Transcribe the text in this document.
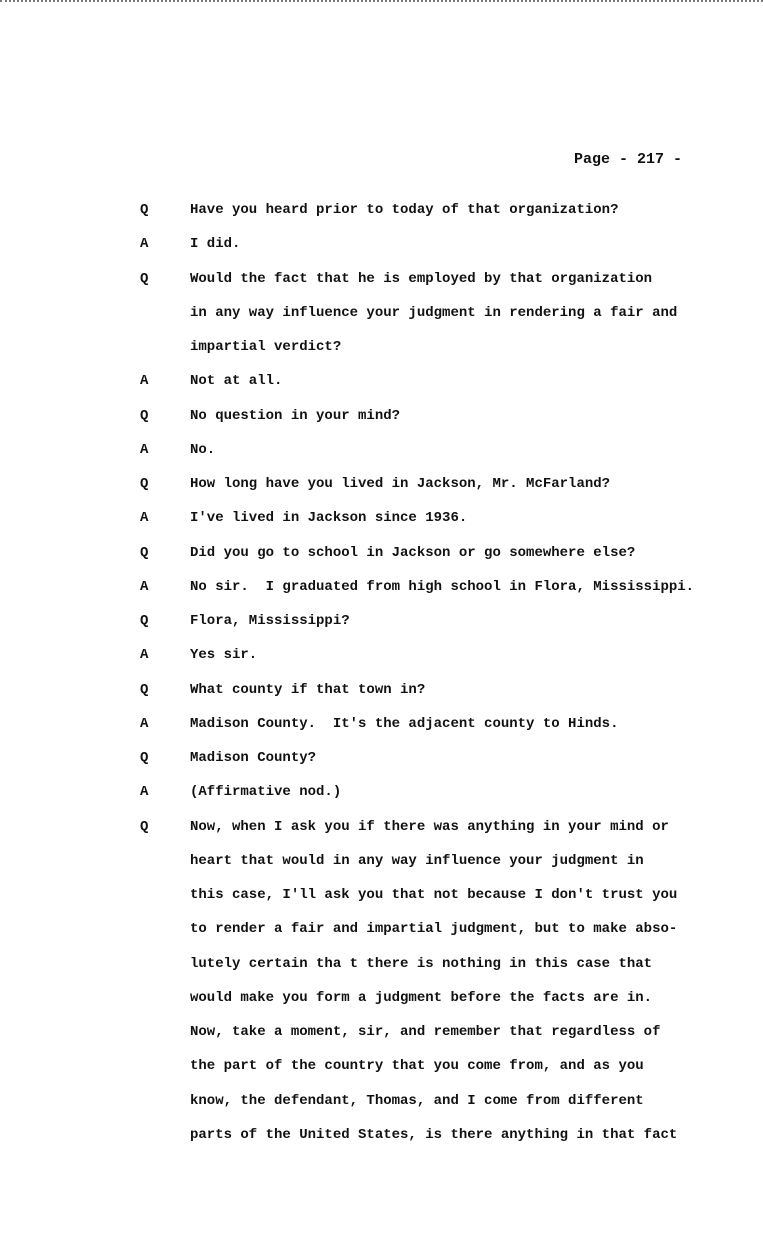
Page - 217 -
Q	Have you heard prior to today of that organization?
A	I did.
Q	Would the fact that he is employed by that organization
in any way influence your judgment in rendering a fair and
impartial verdict?
A	Not at all.
Q	No question in your mind?
A	No.
Q	How long have you lived in Jackson, Mr. McFarland?
A	I've lived in Jackson since 1936.
Q	Did you go to school in Jackson or go somewhere else?
A	No sir.  I graduated from high school in Flora, Mississippi.
Q	Flora, Mississippi?
A	Yes sir.
Q	What county if that town in?
A	Madison County.  It's the adjacent county to Hinds.
Q	Madison County?
A	(Affirmative nod.)
Q	Now, when I ask you if there was anything in your mind or
heart that would in any way influence your judgment in
this case, I'll ask you that not because I don't trust you
to render a fair and impartial judgment, but to make abso-
lutely certain tha t there is nothing in this case that
would make you form a judgment before the facts are in.
Now, take a moment, sir, and remember that regardless of
the part of the country that you come from, and as you
know, the defendant, Thomas, and I come from different
parts of the United States, is there anything in that fact
